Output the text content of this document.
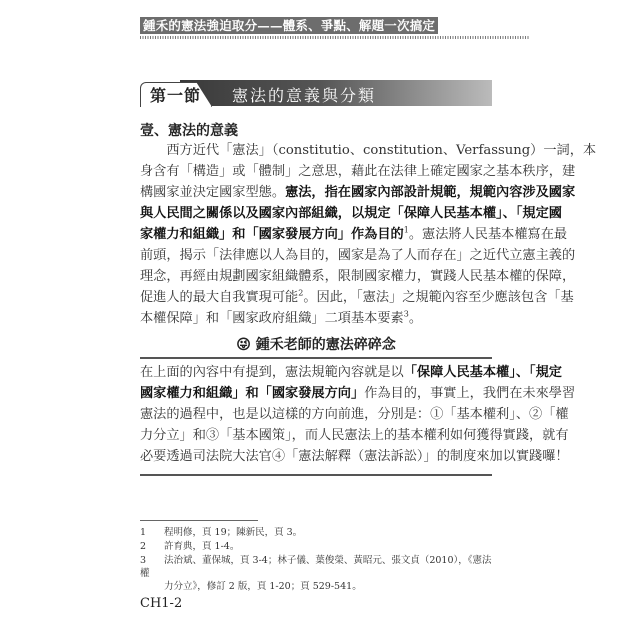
鍾禾的憲法強迫取分——體系、爭點、解題一次搞定
第一節 憲法的意義與分類
壹、憲法的意義
　　西方近代「憲法」（constitutio、constitution、Verfassung）一詞，本
身含有「構造」或「體制」之意思，藉此在法律上確定國家之基本秩序，建
構國家並決定國家型態。憲法，指在國家內部設計規範，規範內容涉及國家
與人民間之關係以及國家內部組織，以規定「保障人民基本權」、「規定國
家權力和組織」和「國家發展方向」作為目的$^1$。憲法將人民基本權寫在最
前頭，揭示「法律應以人為目的，國家是為了人而存在」之近代立憲主義的
理念，再經由規劃國家組織體系，限制國家權力，實踐人民基本權的保障，
促進人的最大自我實現可能$^2$。因此，「憲法」之規範內容至少應該包含「基
本權保障」和「國家政府組織」二項基本要素$^3$。
😜︎ 鍾禾老師的憲法碎碎念
在上面的內容中有提到，憲法規範內容就是以「保障人民基本權」、「規定
國家權力和組織」和「國家發展方向」作為目的，事實上，我們在未來學習
憲法的過程中，也是以這樣的方向前進，分別是：①「基本權利」、②「權
力分立」和③「基本國策」，而人民憲法上的基本權利如何獲得實踐，就有
必要透過司法院大法官④「憲法解釋（憲法訴訟）」的制度來加以實踐囉！
1 程明修，頁 19；陳新民，頁 3。
2 許育典，頁 1-4。
3 法治斌、董保城，頁 3-4；林子儀、葉俊榮、黃昭元、張文貞（2010），《憲法　　權
力分立》，修訂 2 版，頁 1-20；頁 529-541。
CH1-2
